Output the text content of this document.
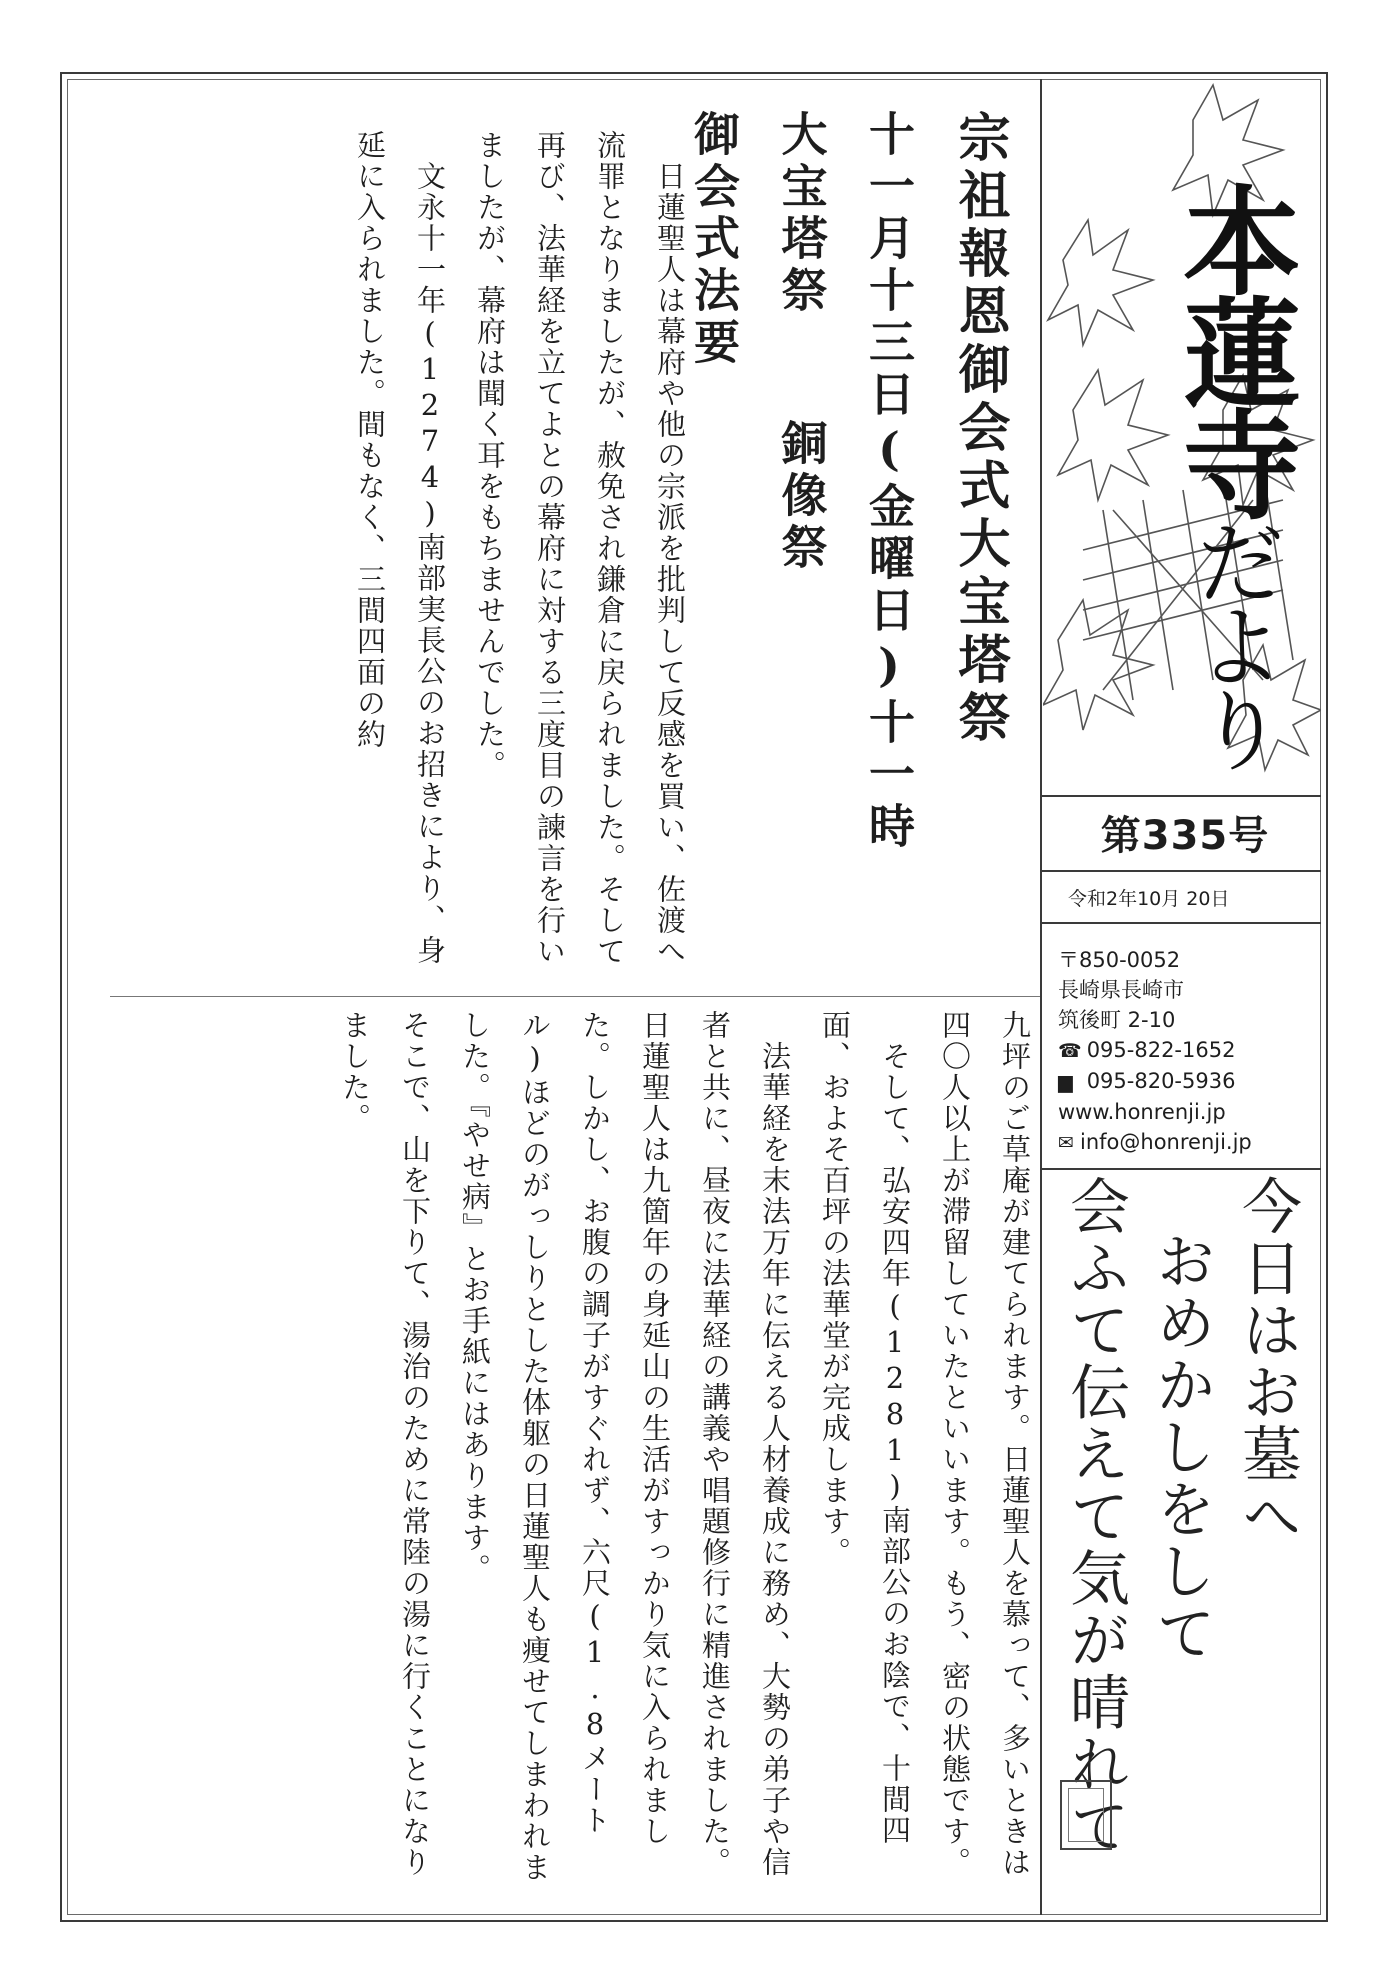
宗祖報恩御会式大宝塔祭
十一月十三日(金曜日)十一時
大宝塔祭銅像祭
御会式法要

日蓮聖人は幕府や他の宗派を批判して反感を買い、佐渡へ流罪となりましたが、赦免され鎌倉に戻られました。そして再び、法華経を立てよとの幕府に対する三度目の諫言を行いましたが、幕府は聞く耳をもちませんでした。

文永十一年(1274)南部実長公のお招きにより、身延に入られました。間もなく、三間四面の約

九坪のご草庵が建てられます。日蓮聖人を慕って、多いときは四〇人以上が滞留していたといいます。もう、密の状態です。

そして、弘安四年(1281)南部公のお陰で、十間四面、およそ百坪の法華堂が完成します。

法華経を末法万年に伝える人材養成に務め、大勢の弟子や信者と共に、昼夜に法華経の講義や唱題修行に精進されました。

日蓮聖人は九箇年の身延山の生活がすっかり気に入られました。しかし、お腹の調子がすぐれず、六尺(1.8メートル)ほどのがっしりとした体躯の日蓮聖人も痩せてしまわれました。『やせ病』とお手紙にはあります。

そこで、山を下りて、湯治のために常陸の湯に行くことになりました。

本蓮寺だより
第335号
令和2年10月 20日
〒850-0052
長崎県長崎市
筑後町 2-10
☎ 095-822-1652
▆ 095-820-5936
www.honrenji.jp
✉ info@honrenji.jp
今日はお墓へ
おめかしをして
会ふて伝えて気が晴れて
